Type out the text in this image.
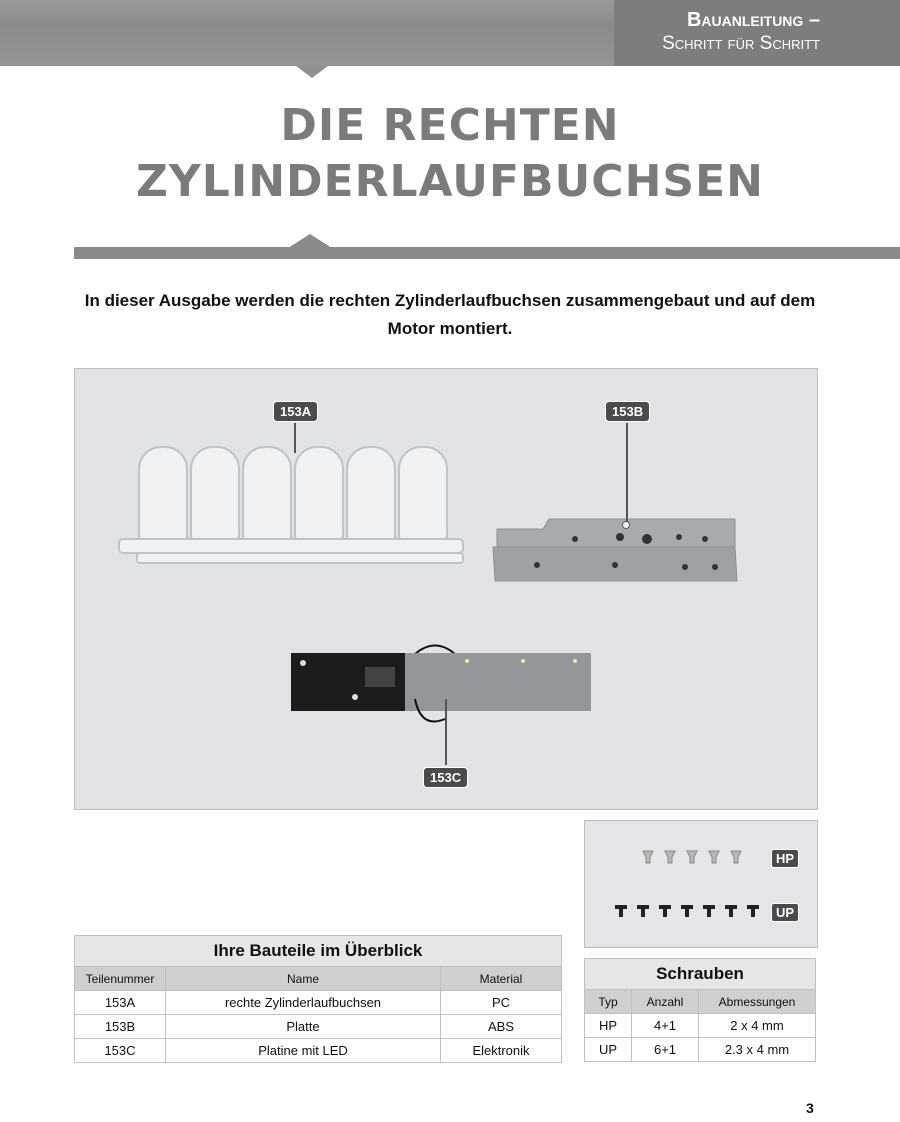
Bauanleitung –
Schritt für Schritt
DIE RECHTEN
ZYLINDERLAUFBUCHSEN
In dieser Ausgabe werden die rechten Zylinderlaufbuchsen zusammengebaut und auf dem Motor montiert.
153A	153B
153C
HP
UP
Ihre Bauteile im Überblick		
Teilenummer	Name	Material
153A	rechte Zylinderlaufbuchsen	PC
153B	Platte	ABS
153C	Platine mit LED	Elektronik
Schrauben		
Typ	Anzahl	Abmessungen
HP	4+1	2 x 4 mm
UP	6+1	2.3 x 4 mm
3
